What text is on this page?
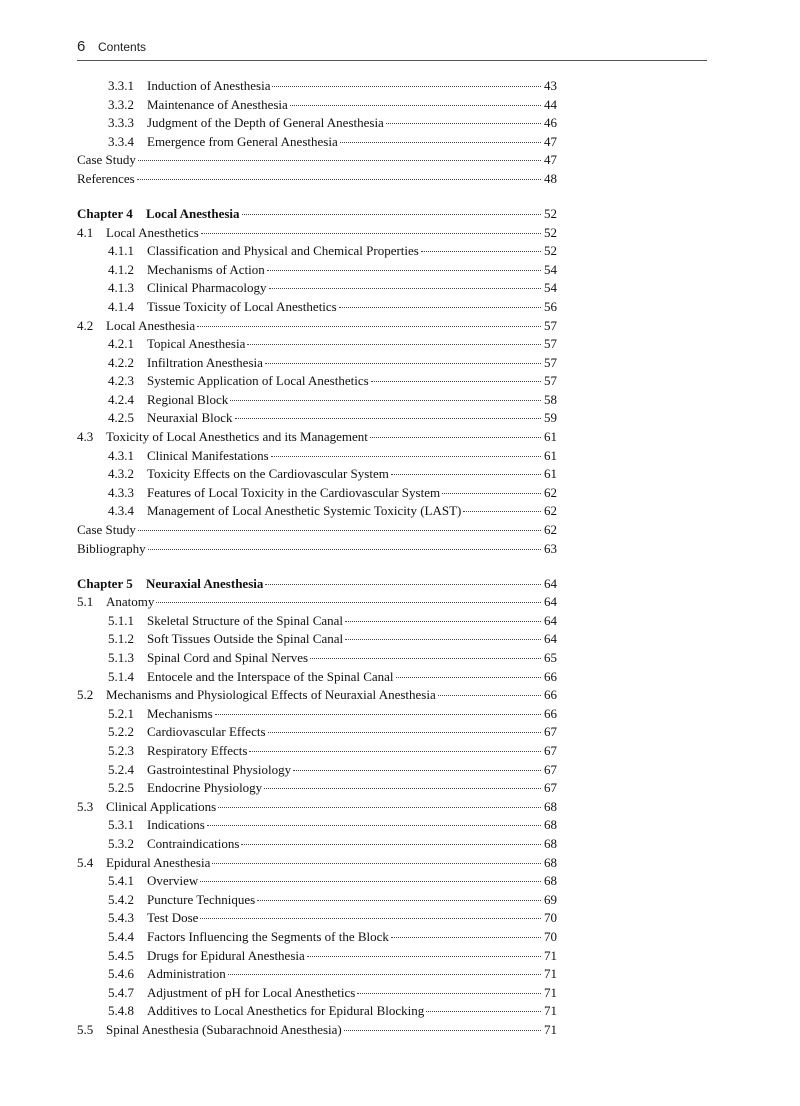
6 Contents
3.3.1	Induction of Anesthesia	43
3.3.2	Maintenance of Anesthesia	44
3.3.3	Judgment of the Depth of General Anesthesia	46
3.3.4	Emergence from General Anesthesia	47
Case Study	47
References	48
Chapter 4	Local Anesthesia	52
4.1 Local Anesthetics	52
4.1.1	Classification and Physical and Chemical Properties	52
4.1.2	Mechanisms of Action	54
4.1.3	Clinical Pharmacology	54
4.1.4	Tissue Toxicity of Local Anesthetics	56
4.2 Local Anesthesia	57
4.2.1	Topical Anesthesia	57
4.2.2	Infiltration Anesthesia	57
4.2.3	Systemic Application of Local Anesthetics	57
4.2.4	Regional Block	58
4.2.5	Neuraxial Block	59
4.3 Toxicity of Local Anesthetics and its Management	61
4.3.1	Clinical Manifestations	61
4.3.2	Toxicity Effects on the Cardiovascular System	61
4.3.3	Features of Local Toxicity in the Cardiovascular System	62
4.3.4	Management of Local Anesthetic Systemic Toxicity (LAST)	62
Case Study	62
Bibliography	63
Chapter 5	Neuraxial Anesthesia	64
5.1 Anatomy	64
5.1.1	Skeletal Structure of the Spinal Canal	64
5.1.2	Soft Tissues Outside the Spinal Canal	64
5.1.3	Spinal Cord and Spinal Nerves	65
5.1.4	Entocele and the Interspace of the Spinal Canal	66
5.2 Mechanisms and Physiological Effects of Neuraxial Anesthesia	66
5.2.1	Mechanisms	66
5.2.2	Cardiovascular Effects	67
5.2.3	Respiratory Effects	67
5.2.4	Gastrointestinal Physiology	67
5.2.5	Endocrine Physiology	67
5.3 Clinical Applications	68
5.3.1	Indications	68
5.3.2	Contraindications	68
5.4 Epidural Anesthesia	68
5.4.1	Overview	68
5.4.2	Puncture Techniques	69
5.4.3	Test Dose	70
5.4.4	Factors Influencing the Segments of the Block	70
5.4.5	Drugs for Epidural Anesthesia	71
5.4.6	Administration	71
5.4.7	Adjustment of pH for Local Anesthetics	71
5.4.8	Additives to Local Anesthetics for Epidural Blocking	71
5.5 Spinal Anesthesia (Subarachnoid Anesthesia)	71
